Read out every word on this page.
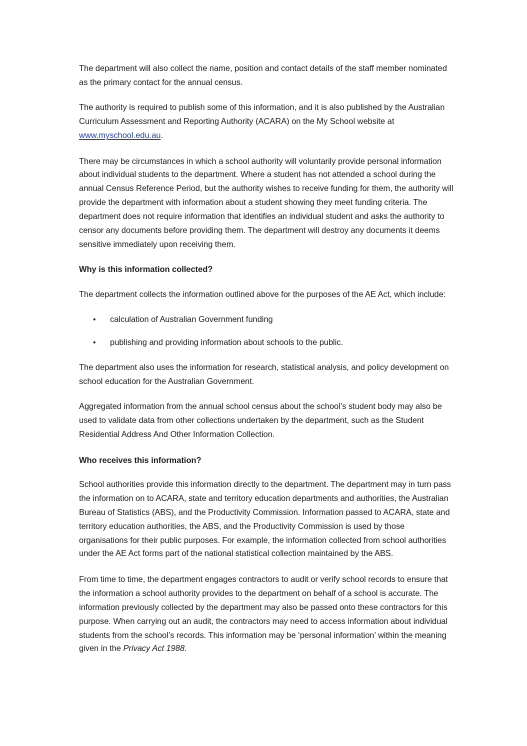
The department will also collect the name, position and contact details of the staff member nominated as the primary contact for the annual census.

The authority is required to publish some of this information, and it is also published by the Australian Curriculum Assessment and Reporting Authority (ACARA) on the My School website at www.myschool.edu.au.

There may be circumstances in which a school authority will voluntarily provide personal information about individual students to the department. Where a student has not attended a school during the annual Census Reference Period, but the authority wishes to receive funding for them, the authority will provide the department with information about a student showing they meet funding criteria. The department does not require information that identifies an individual student and asks the authority to censor any documents before providing them. The department will destroy any documents it deems sensitive immediately upon receiving them.

Why is this information collected?

The department collects the information outlined above for the purposes of the AE Act, which include:

• calculation of Australian Government funding
• publishing and providing information about schools to the public.

The department also uses the information for research, statistical analysis, and policy development on school education for the Australian Government.

Aggregated information from the annual school census about the school’s student body may also be used to validate data from other collections undertaken by the department, such as the Student Residential Address And Other Information Collection.

Who receives this information?

School authorities provide this information directly to the department. The department may in turn pass the information on to ACARA, state and territory education departments and authorities, the Australian Bureau of Statistics (ABS), and the Productivity Commission. Information passed to ACARA, state and territory education authorities, the ABS, and the Productivity Commission is used by those organisations for their public purposes. For example, the information collected from school authorities under the AE Act forms part of the national statistical collection maintained by the ABS.

From time to time, the department engages contractors to audit or verify school records to ensure that the information a school authority provides to the department on behalf of a school is accurate. The information previously collected by the department may also be passed onto these contractors for this purpose. When carrying out an audit, the contractors may need to access information about individual students from the school’s records. This information may be ‘personal information’ within the meaning given in the Privacy Act 1988.
